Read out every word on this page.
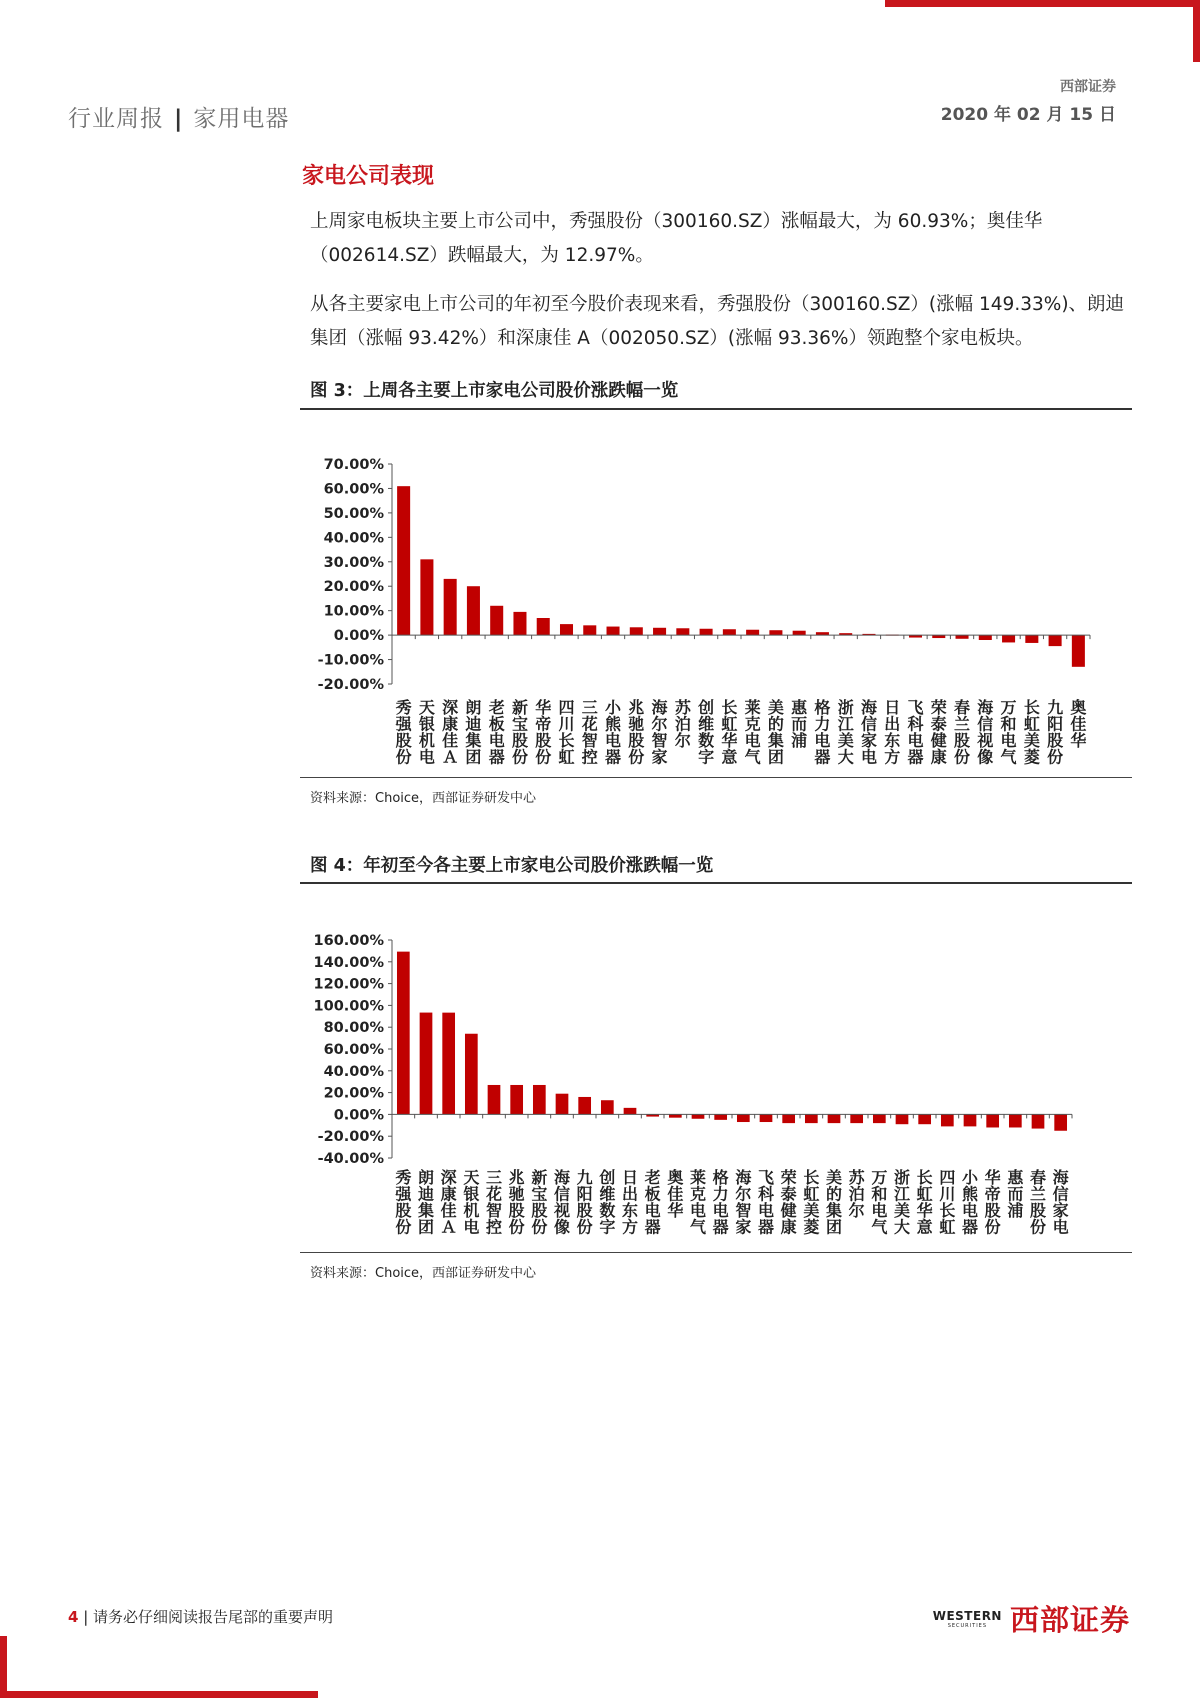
行业周报 | 家用电器
西部证券
2020 年 02 月 15 日
家电公司表现
上周家电板块主要上市公司中，秀强股份（300160.SZ）涨幅最大，为 60.93%；奥佳华（002614.SZ）跌幅最大，为 12.97%。
从各主要家电上市公司的年初至今股价表现来看，秀强股份（300160.SZ）(涨幅 149.33%)、朗迪集团（涨幅 93.42%）和深康佳 A（002050.SZ）(涨幅 93.36%）领跑整个家电板块。
图 3：上周各主要上市家电公司股价涨跌幅一览
-20.00%
-10.00%
0.00%
10.00%
20.00%
30.00%
40.00%
50.00%
60.00%
70.00%
秀强股份
天银机电
深康佳Ａ
朗迪集团
老板电器
新宝股份
华帝股份
四川长虹
三花智控
小熊电器
兆驰股份
海尔智家
苏泊尔
创维数字
长虹华意
莱克电气
美的集团
惠而浦
格力电器
浙江美大
海信家电
日出东方
飞科电器
荣泰健康
春兰股份
海信视像
万和电气
长虹美菱
九阳股份
奥佳华
资料来源：Choice，西部证券研发中心
图 4：年初至今各主要上市家电公司股价涨跌幅一览
-40.00%
-20.00%
0.00%
20.00%
40.00%
60.00%
80.00%
100.00%
120.00%
140.00%
160.00%
秀强股份
朗迪集团
深康佳Ａ
天银机电
三花智控
兆驰股份
新宝股份
海信视像
九阳股份
创维数字
日出东方
老板电器
奥佳华
莱克电气
格力电器
海尔智家
飞科电器
荣泰健康
长虹美菱
美的集团
苏泊尔
万和电气
浙江美大
长虹华意
四川长虹
小熊电器
华帝股份
惠而浦
春兰股份
海信家电
资料来源：Choice，西部证券研发中心
4 | 请务必仔细阅读报告尾部的重要声明	WESTERN
SECURITIES 西部证券
